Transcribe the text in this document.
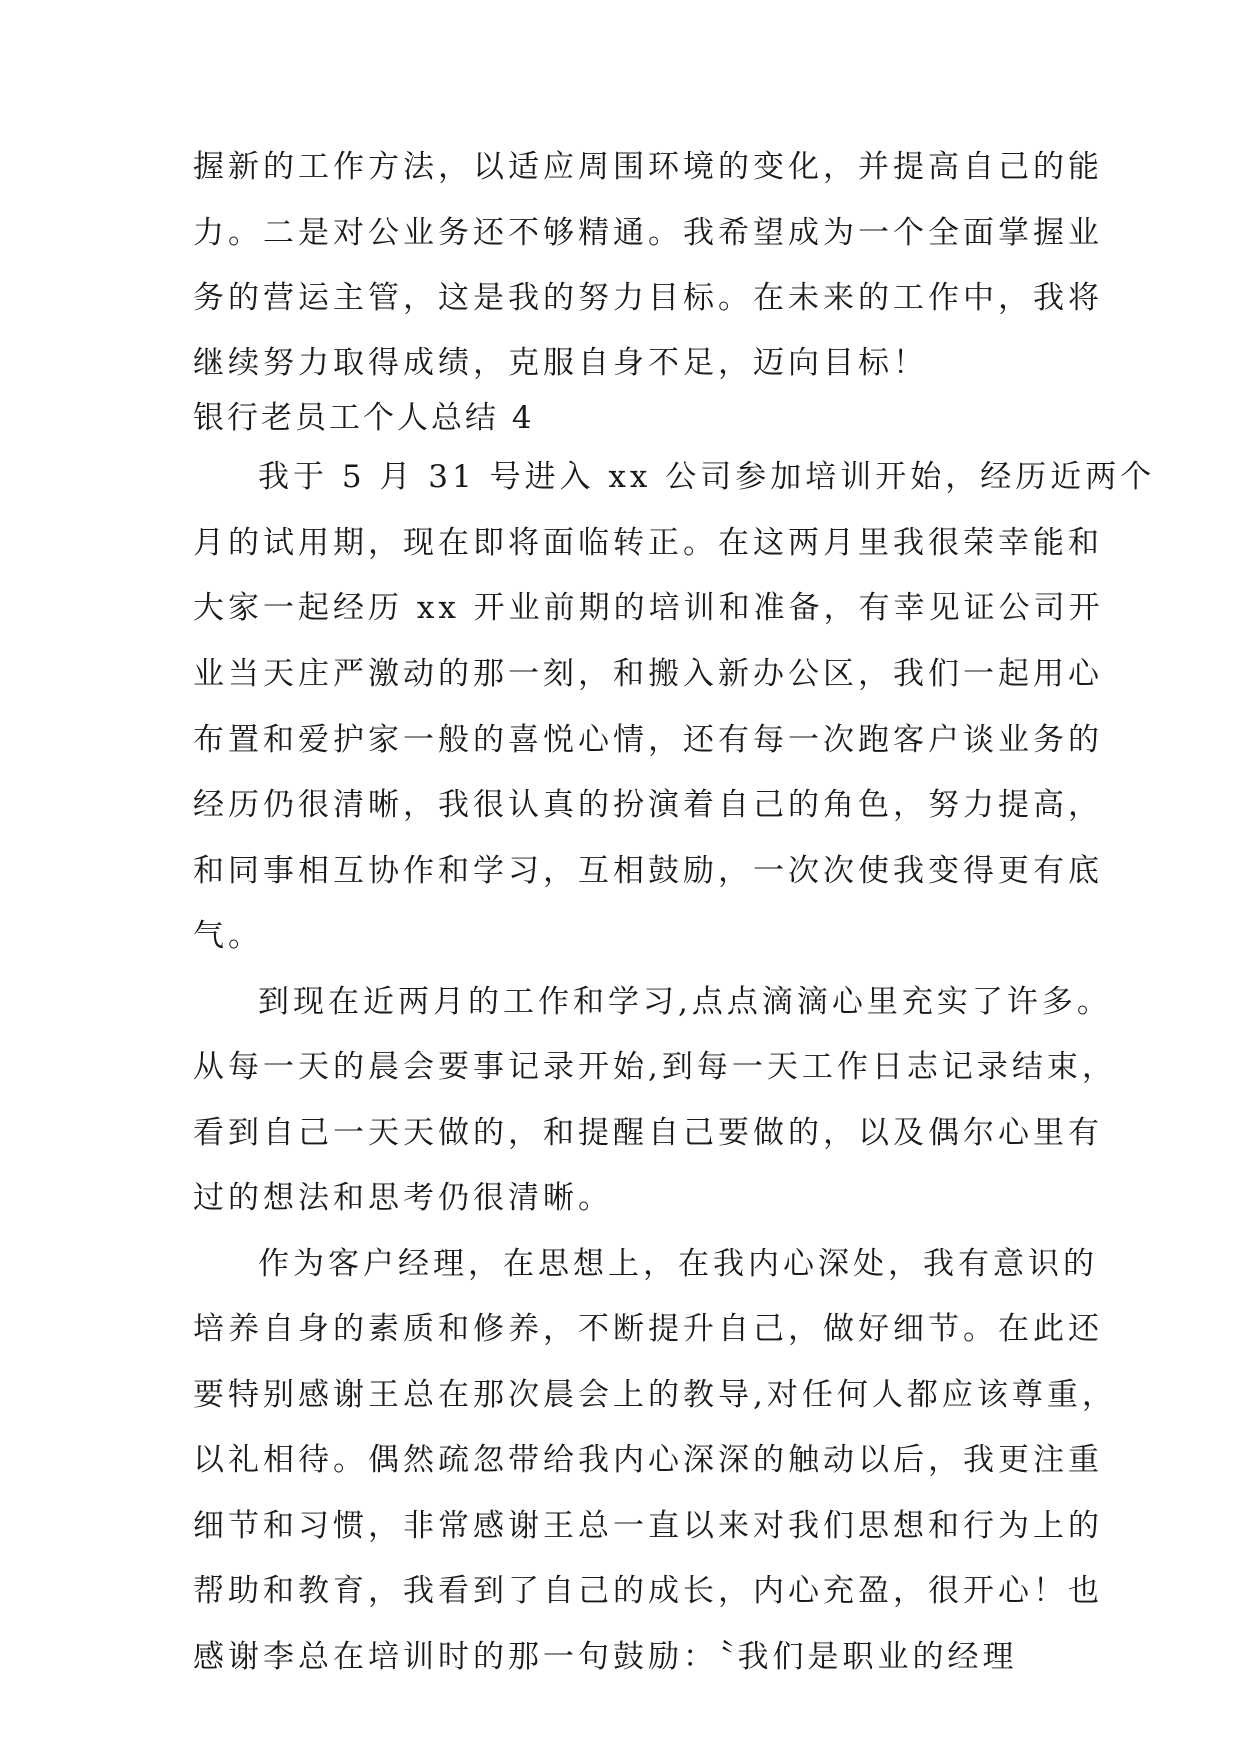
握新的工作方法，以适应周围环境的变化，并提高自己的能
力。二是对公业务还不够精通。我希望成为一个全面掌握业
务的营运主管，这是我的努力目标。在未来的工作中，我将
继续努力取得成绩，克服自身不足，迈向目标！
银行老员工个人总结 4
我于 5 月 31 号进入 xx 公司参加培训开始，经历近两个
月的试用期，现在即将面临转正。在这两月里我很荣幸能和
大家一起经历 xx 开业前期的培训和准备，有幸见证公司开
业当天庄严激动的那一刻，和搬入新办公区，我们一起用心
布置和爱护家一般的喜悦心情，还有每一次跑客户谈业务的
经历仍很清晰，我很认真的扮演着自己的角色，努力提高，
和同事相互协作和学习，互相鼓励，一次次使我变得更有底
气。
到现在近两月的工作和学习,点点滴滴心里充实了许多。
从每一天的晨会要事记录开始,到每一天工作日志记录结束，
看到自己一天天做的，和提醒自己要做的，以及偶尔心里有
过的想法和思考仍很清晰。
作为客户经理，在思想上，在我内心深处，我有意识的
培养自身的素质和修养，不断提升自己，做好细节。在此还
要特别感谢王总在那次晨会上的教导,对任何人都应该尊重，
以礼相待。偶然疏忽带给我内心深深的触动以后，我更注重
细节和习惯，非常感谢王总一直以来对我们思想和行为上的
帮助和教育，我看到了自己的成长，内心充盈，很开心！也
感谢李总在培训时的那一句鼓励：〝我们是职业的经理
